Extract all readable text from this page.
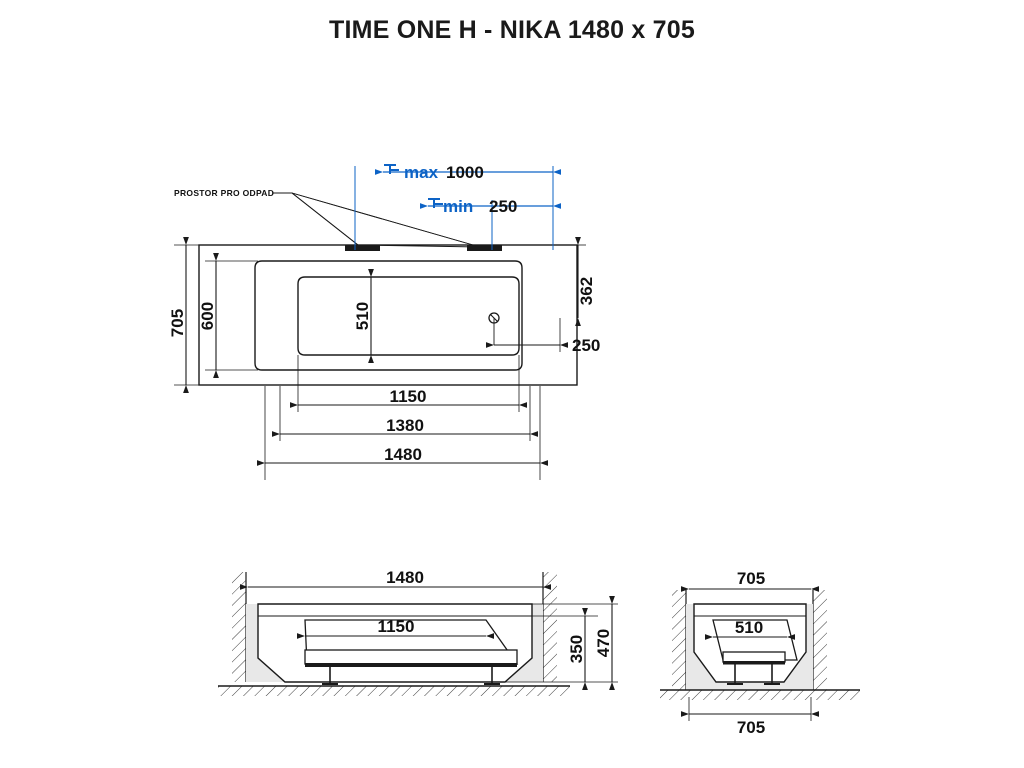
TIME ONE H - NIKA 1480 x 705
PROSTOR PRO ODPAD
max 1000
min 250
705 600	510
362
250
1150
1380
1480
1480
1150
350 470
705
510
705
